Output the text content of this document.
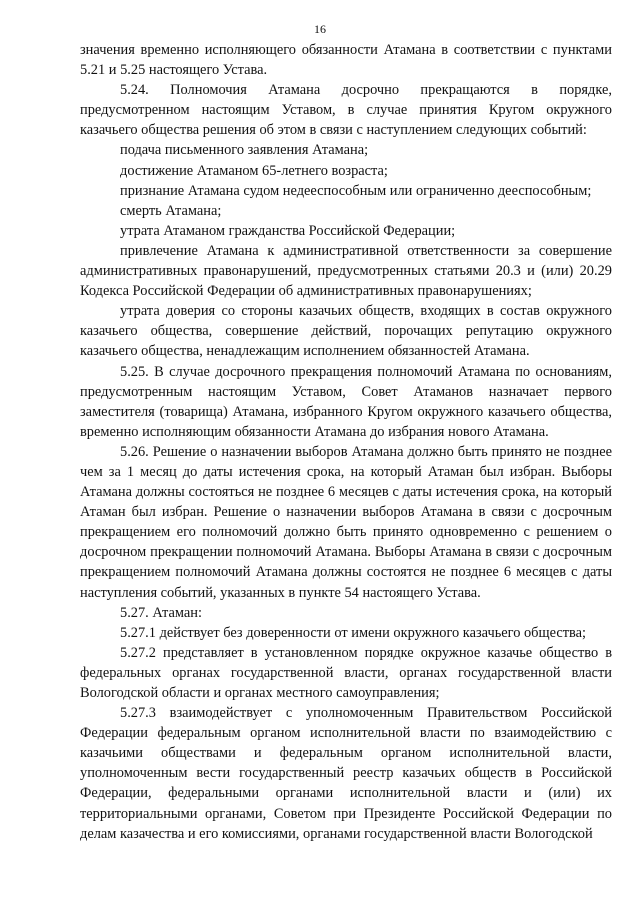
16

значения временно исполняющего обязанности Атамана в соответствии с пунктами 5.21 и 5.25 настоящего Устава.

5.24. Полномочия Атамана досрочно прекращаются в порядке, предусмотренном настоящим Уставом, в случае принятия Кругом окружного казачьего общества решения об этом в связи с наступлением следующих событий:

подача письменного заявления Атамана;

достижение Атаманом 65-летнего возраста;

признание Атамана судом недееспособным или ограниченно дееспособным;

смерть Атамана;

утрата Атаманом гражданства Российской Федерации;

привлечение Атамана к административной ответственности за совершение административных правонарушений, предусмотренных статьями 20.3 и (или) 20.29 Кодекса Российской Федерации об административных правонарушениях;

утрата доверия со стороны казачьих обществ, входящих в состав окружного казачьего общества, совершение действий, порочащих репутацию окружного казачьего общества, ненадлежащим исполнением обязанностей Атамана.

5.25. В случае досрочного прекращения полномочий Атамана по основаниям, предусмотренным настоящим Уставом, Совет Атаманов назначает первого заместителя (товарища) Атамана, избранного Кругом окружного казачьего общества, временно исполняющим обязанности Атамана до избрания нового Атамана.

5.26. Решение о назначении выборов Атамана должно быть принято не позднее чем за 1 месяц до даты истечения срока, на который Атаман был избран. Выборы Атамана должны состояться не позднее 6 месяцев с даты истечения срока, на который Атаман был избран. Решение о назначении выборов Атамана в связи с досрочным прекращением его полномочий должно быть принято одновременно с решением о досрочном прекращении полномочий Атамана. Выборы Атамана в связи с досрочным прекращением полномочий Атамана должны состоятся не позднее 6 месяцев с даты наступления событий, указанных в пункте 54 настоящего Устава.

5.27. Атаман:

5.27.1 действует без доверенности от имени окружного казачьего общества;

5.27.2 представляет в установленном порядке окружное казачье общество в федеральных органах государственной власти, органах государственной власти Вологодской области и органах местного самоуправления;

5.27.3 взаимодействует с уполномоченным Правительством Российской Федерации федеральным органом исполнительной власти по взаимодействию с казачьими обществами и федеральным органом исполнительной власти, уполномоченным вести государственный реестр казачьих обществ в Российской Федерации, федеральными органами исполнительной власти и (или) их территориальными органами, Советом при Президенте Российской Федерации по делам казачества и его комиссиями, органами государственной власти Вологодской
